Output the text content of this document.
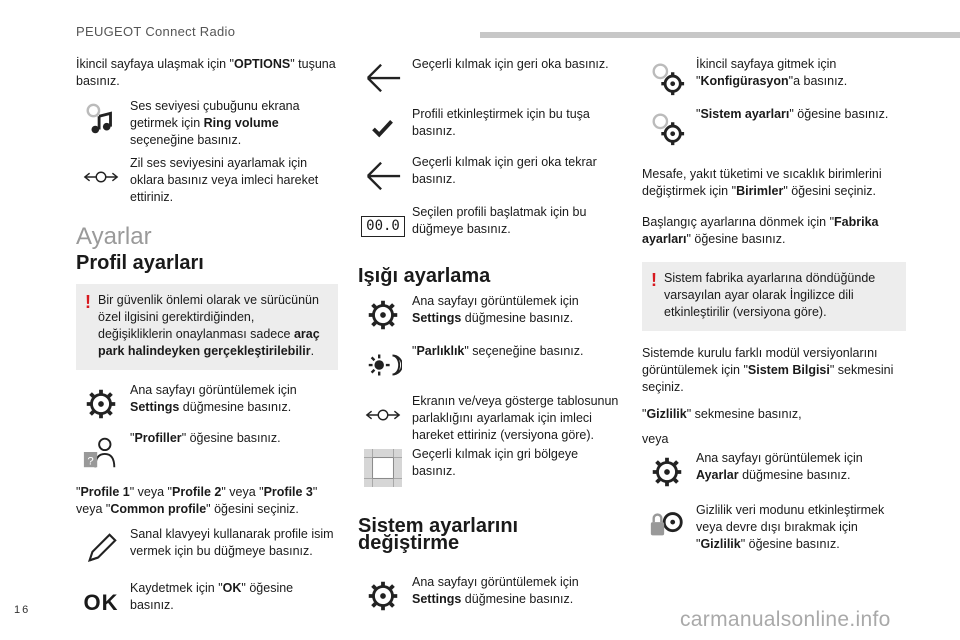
PEUGEOT Connect Radio

İkincil sayfaya ulaşmak için "OPTIONS" tuşuna basınız.

Ses seviyesi çubuğunu ekrana getirmek için Ring volume seçeneğine basınız.
Zil ses seviyesini ayarlamak için oklara basınız veya imleci hareket ettiriniz.
Ayarlar
Profil ayarları
! Bir güvenlik önlemi olarak ve sürücünün özel ilgisini gerektirdiğinden, değişikliklerin onaylanması sadece araç park halindeyken gerçekleştirilebilir.
Ana sayfayı görüntülemek için Settings düğmesine basınız.
?
"Profiller" öğesine basınız.

"Profile 1" veya "Profile 2" veya "Profile 3" veya "Common profile" öğesini seçiniz.

Sanal klavyeyi kullanarak profile isim vermek için bu düğmeye basınız.
OK
Kaydetmek için "OK" öğesine basınız.
Geçerli kılmak için geri oka basınız.
Profili etkinleştirmek için bu tuşa basınız.
Geçerli kılmak için geri oka tekrar basınız.
00.0
Seçilen profili başlatmak için bu düğmeye basınız.
Işığı ayarlama
Ana sayfayı görüntülemek için Settings düğmesine basınız.
"Parlıklık" seçeneğine basınız.
Ekranın ve/veya gösterge tablosunun parlaklığını ayarlamak için imleci hareket ettiriniz (versiyona göre).
Geçerli kılmak için gri bölgeye basınız.
Sistem ayarlarını değiştirme
Ana sayfayı görüntülemek için Settings düğmesine basınız.
İkincil sayfaya gitmek için "Konfigürasyon"a basınız.
"Sistem ayarları" öğesine basınız.

Mesafe, yakıt tüketimi ve sıcaklık birimlerini değiştirmek için "Birimler" öğesini seçiniz.

Başlangıç ayarlarına dönmek için "Fabrika ayarları" öğesine basınız.

! Sistem fabrika ayarlarına döndüğünde varsayılan ayar olarak İngilizce dili etkinleştirilir (versiyona göre).

Sistemde kurulu farklı modül versiyonlarını görüntülemek için "Sistem Bilgisi" sekmesini seçiniz.

"Gizlilik" sekmesine basınız,

veya

Ana sayfayı görüntülemek için Ayarlar düğmesine basınız.
Gizlilik veri modunu etkinleştirmek veya devre dışı bırakmak için "Gizlilik" öğesine basınız.
16	carmanualsonline.info
